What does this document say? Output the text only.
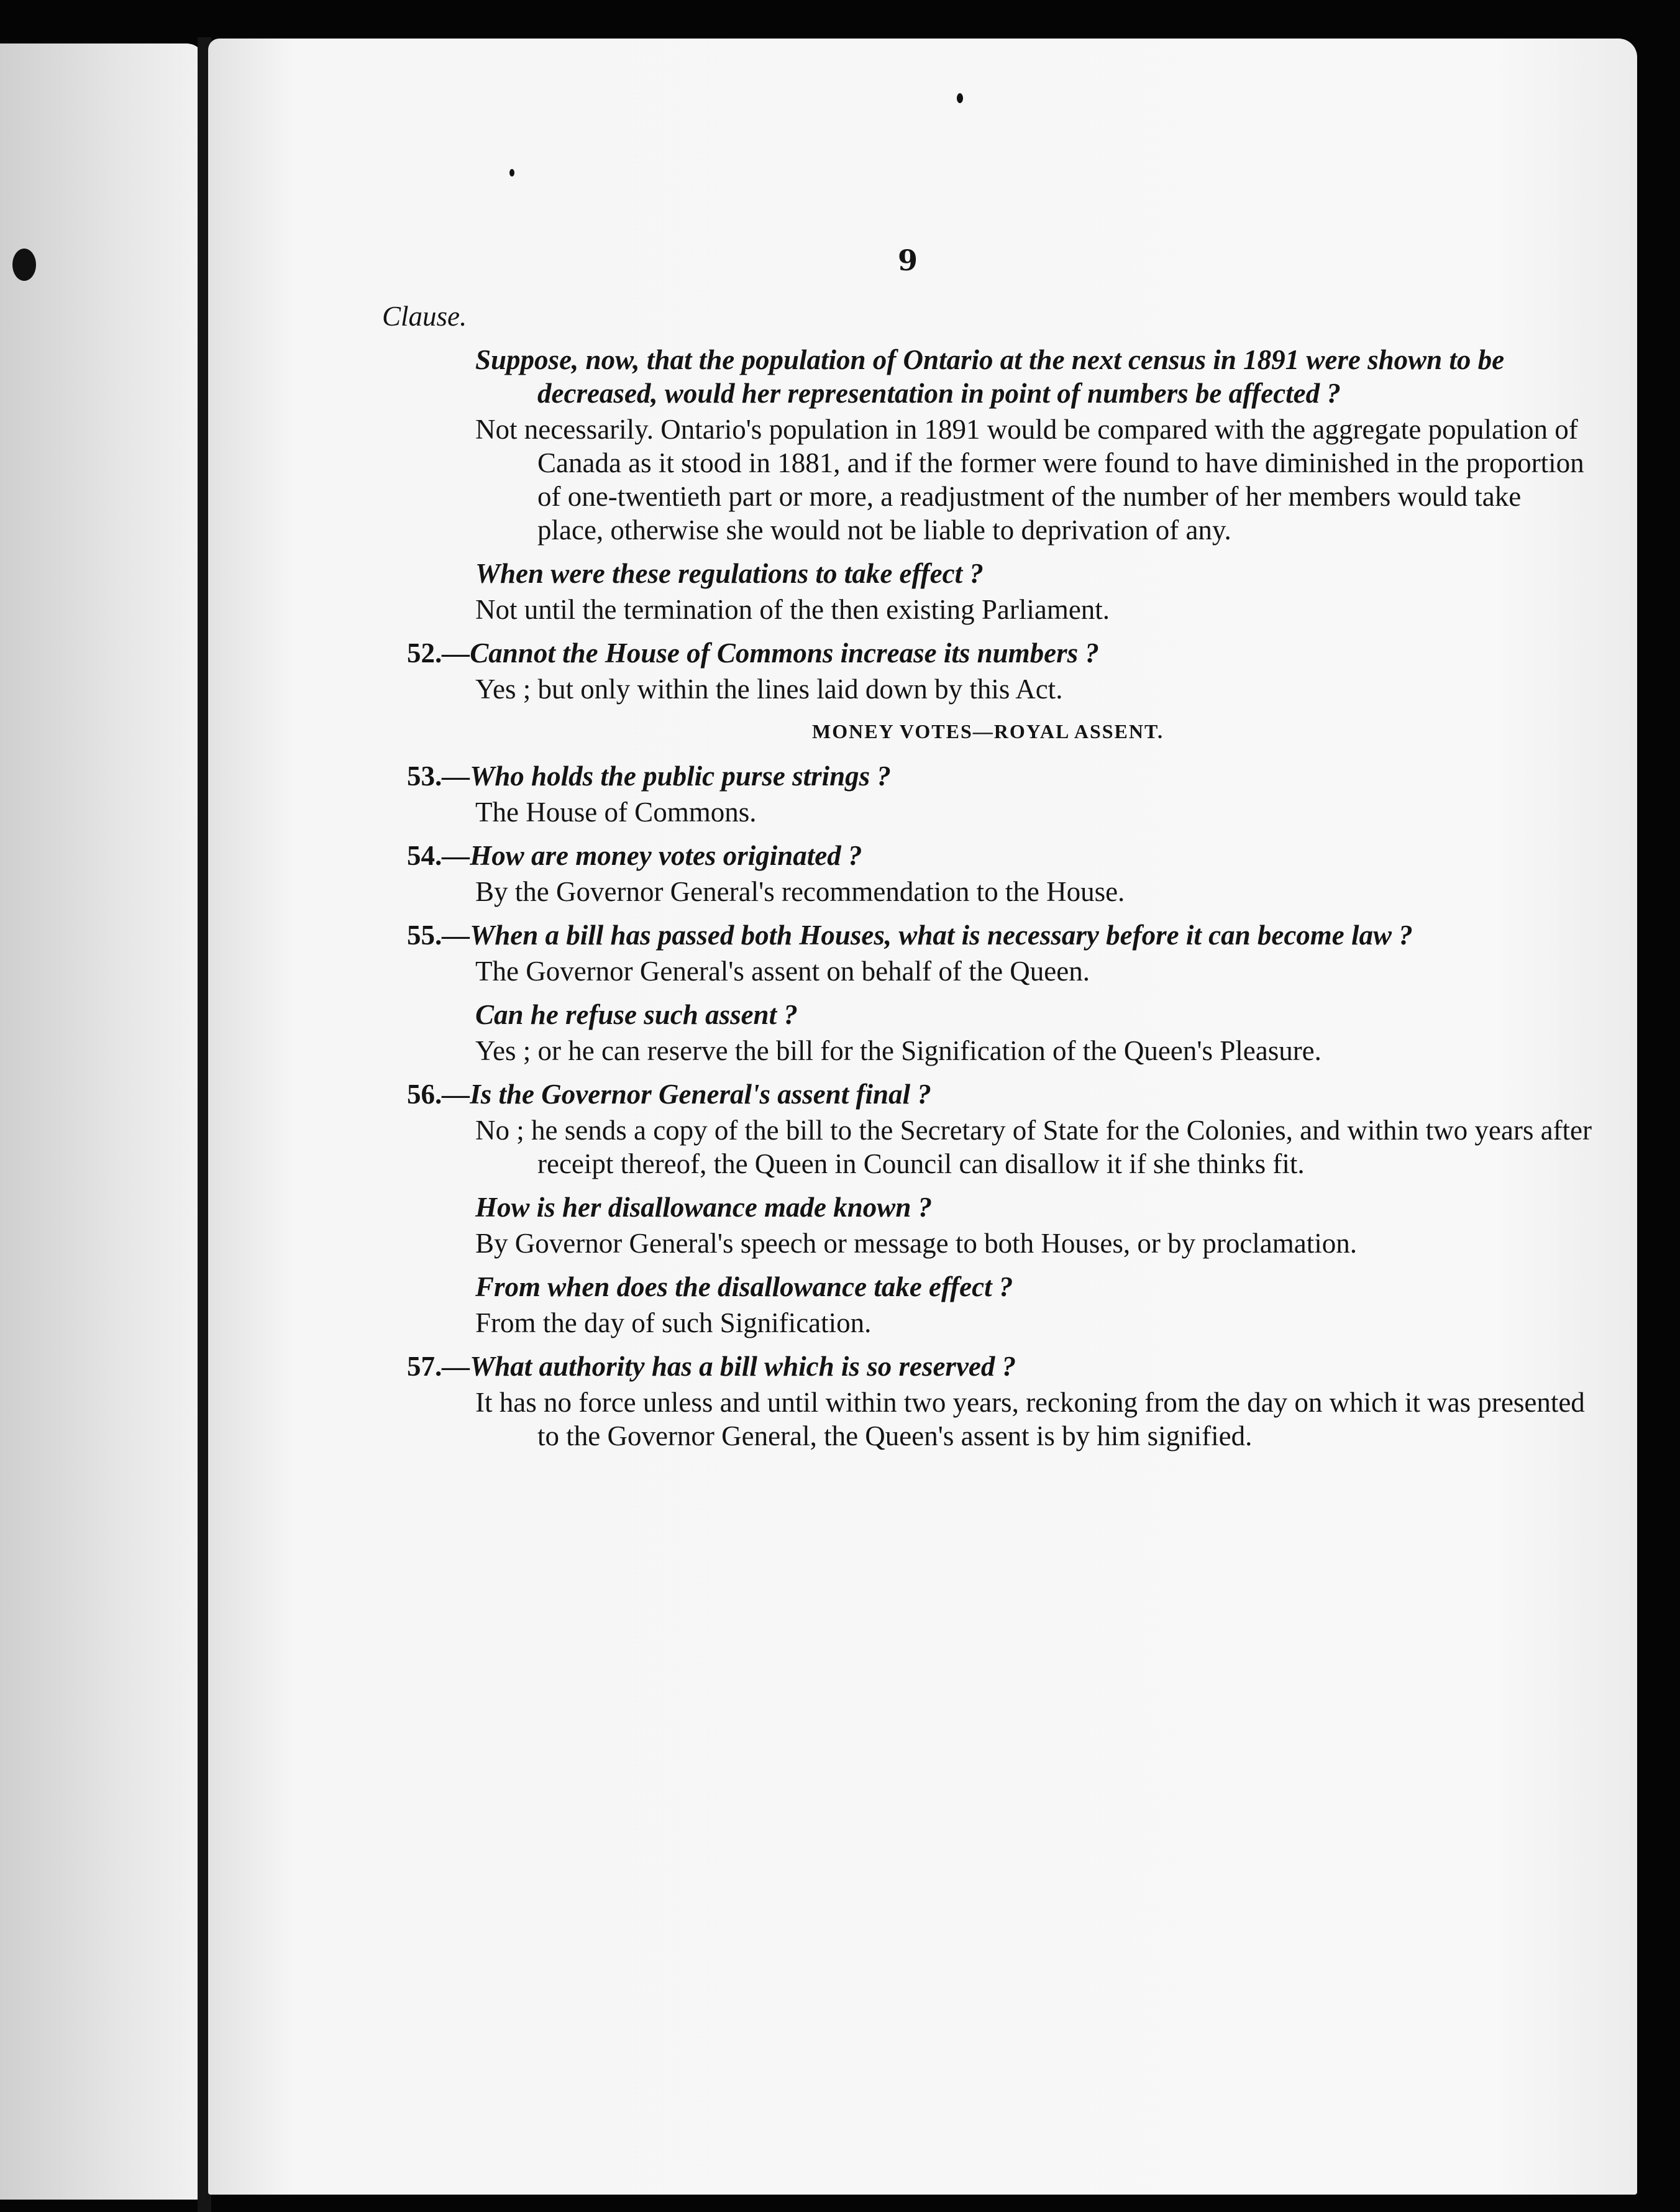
9
Clause.
Suppose, now, that the population of Ontario at the next census in 1891 were shown to be decreased, would her representation in point of numbers be affected ?
Not necessarily. Ontario's population in 1891 would be compared with the aggregate population of Canada as it stood in 1881, and if the former were found to have diminished in the proportion of one-twentieth part or more, a readjustment of the number of her members would take place, otherwise she would not be liable to deprivation of any.
When were these regulations to take effect ?
Not until the termination of the then existing Parliament.
52.—Cannot the House of Commons increase its numbers ?
Yes ; but only within the lines laid down by this Act.
MONEY VOTES—ROYAL ASSENT.
53.—Who holds the public purse strings ?
The House of Commons.
54.—How are money votes originated ?
By the Governor General's recommendation to the House.
55.—When a bill has passed both Houses, what is necessary before it can become law ?
The Governor General's assent on behalf of the Queen.
Can he refuse such assent ?
Yes ; or he can reserve the bill for the Signification of the Queen's Pleasure.
56.—Is the Governor General's assent final ?
No ; he sends a copy of the bill to the Secretary of State for the Colonies, and within two years after receipt thereof, the Queen in Council can disallow it if she thinks fit.
How is her disallowance made known ?
By Governor General's speech or message to both Houses, or by proclamation.
From when does the disallowance take effect ?
From the day of such Signification.
57.—What authority has a bill which is so reserved ?
It has no force unless and until within two years, reckoning from the day on which it was presented to the Governor General, the Queen's assent is by him signified.
